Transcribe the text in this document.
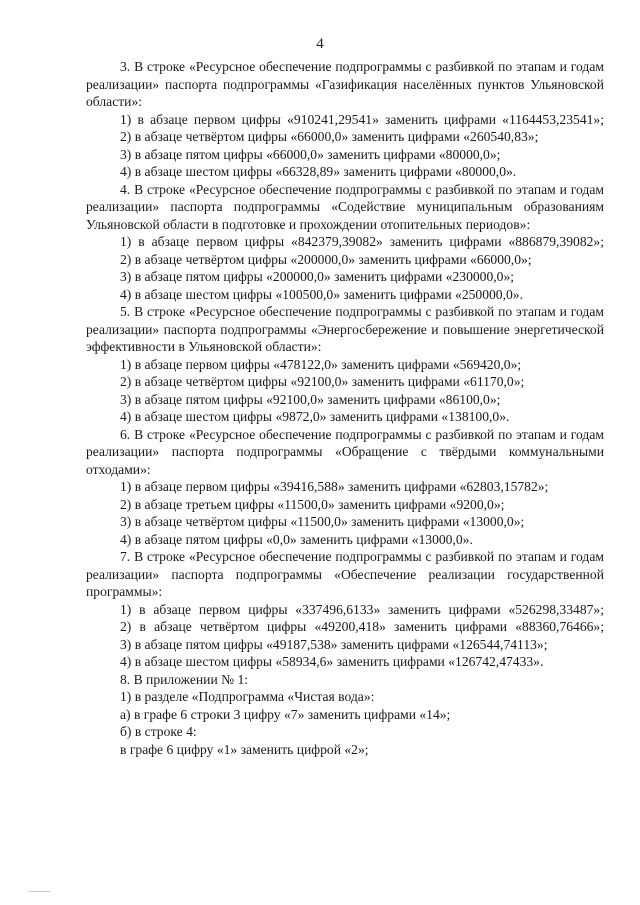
4

3. В строке «Ресурсное обеспечение подпрограммы с разбивкой по этапам и годам реализации» паспорта подпрограммы «Газификация населённых пунктов Ульяновской области»:

1) в абзаце первом цифры «910241,29541» заменить цифрами «1164453,23541»;

2) в абзаце четвёртом цифры «66000,0» заменить цифрами «260540,83»;

3) в абзаце пятом цифры «66000,0» заменить цифрами «80000,0»;

4) в абзаце шестом цифры «66328,89» заменить цифрами «80000,0».

4. В строке «Ресурсное обеспечение подпрограммы с разбивкой по этапам и годам реализации» паспорта подпрограммы «Содействие муниципальным образованиям Ульяновской области в подготовке и прохождении отопительных периодов»:

1) в абзаце первом цифры «842379,39082» заменить цифрами «886879,39082»;

2) в абзаце четвёртом цифры «200000,0» заменить цифрами «66000,0»;

3) в абзаце пятом цифры «200000,0» заменить цифрами «230000,0»;

4) в абзаце шестом цифры «100500,0» заменить цифрами «250000,0».

5. В строке «Ресурсное обеспечение подпрограммы с разбивкой по этапам и годам реализации» паспорта подпрограммы «Энергосбережение и повышение энергетической эффективности в Ульяновской области»:

1) в абзаце первом цифры «478122,0» заменить цифрами «569420,0»;

2) в абзаце четвёртом цифры «92100,0» заменить цифрами «61170,0»;

3) в абзаце пятом цифры «92100,0» заменить цифрами «86100,0»;

4) в абзаце шестом цифры «9872,0» заменить цифрами «138100,0».

6. В строке «Ресурсное обеспечение подпрограммы с разбивкой по этапам и годам реализации» паспорта подпрограммы «Обращение с твёрдыми коммунальными отходами»:

1) в абзаце первом цифры «39416,588» заменить цифрами «62803,15782»;

2) в абзаце третьем цифры «11500,0» заменить цифрами «9200,0»;

3) в абзаце четвёртом цифры «11500,0» заменить цифрами «13000,0»;

4) в абзаце пятом цифры «0,0» заменить цифрами «13000,0».

7. В строке «Ресурсное обеспечение подпрограммы с разбивкой по этапам и годам реализации» паспорта подпрограммы «Обеспечение реализации государственной программы»:

1) в абзаце первом цифры «337496,6133» заменить цифрами «526298,33487»;

2) в абзаце четвёртом цифры «49200,418» заменить цифрами «88360,76466»;

3) в абзаце пятом цифры «49187,538» заменить цифрами «126544,74113»;

4) в абзаце шестом цифры «58934,6» заменить цифрами «126742,47433».

8. В приложении № 1:

1) в разделе «Подпрограмма «Чистая вода»:

а) в графе 6 строки 3 цифру «7» заменить цифрами «14»;

б) в строке 4:

в графе 6 цифру «1» заменить цифрой «2»;
